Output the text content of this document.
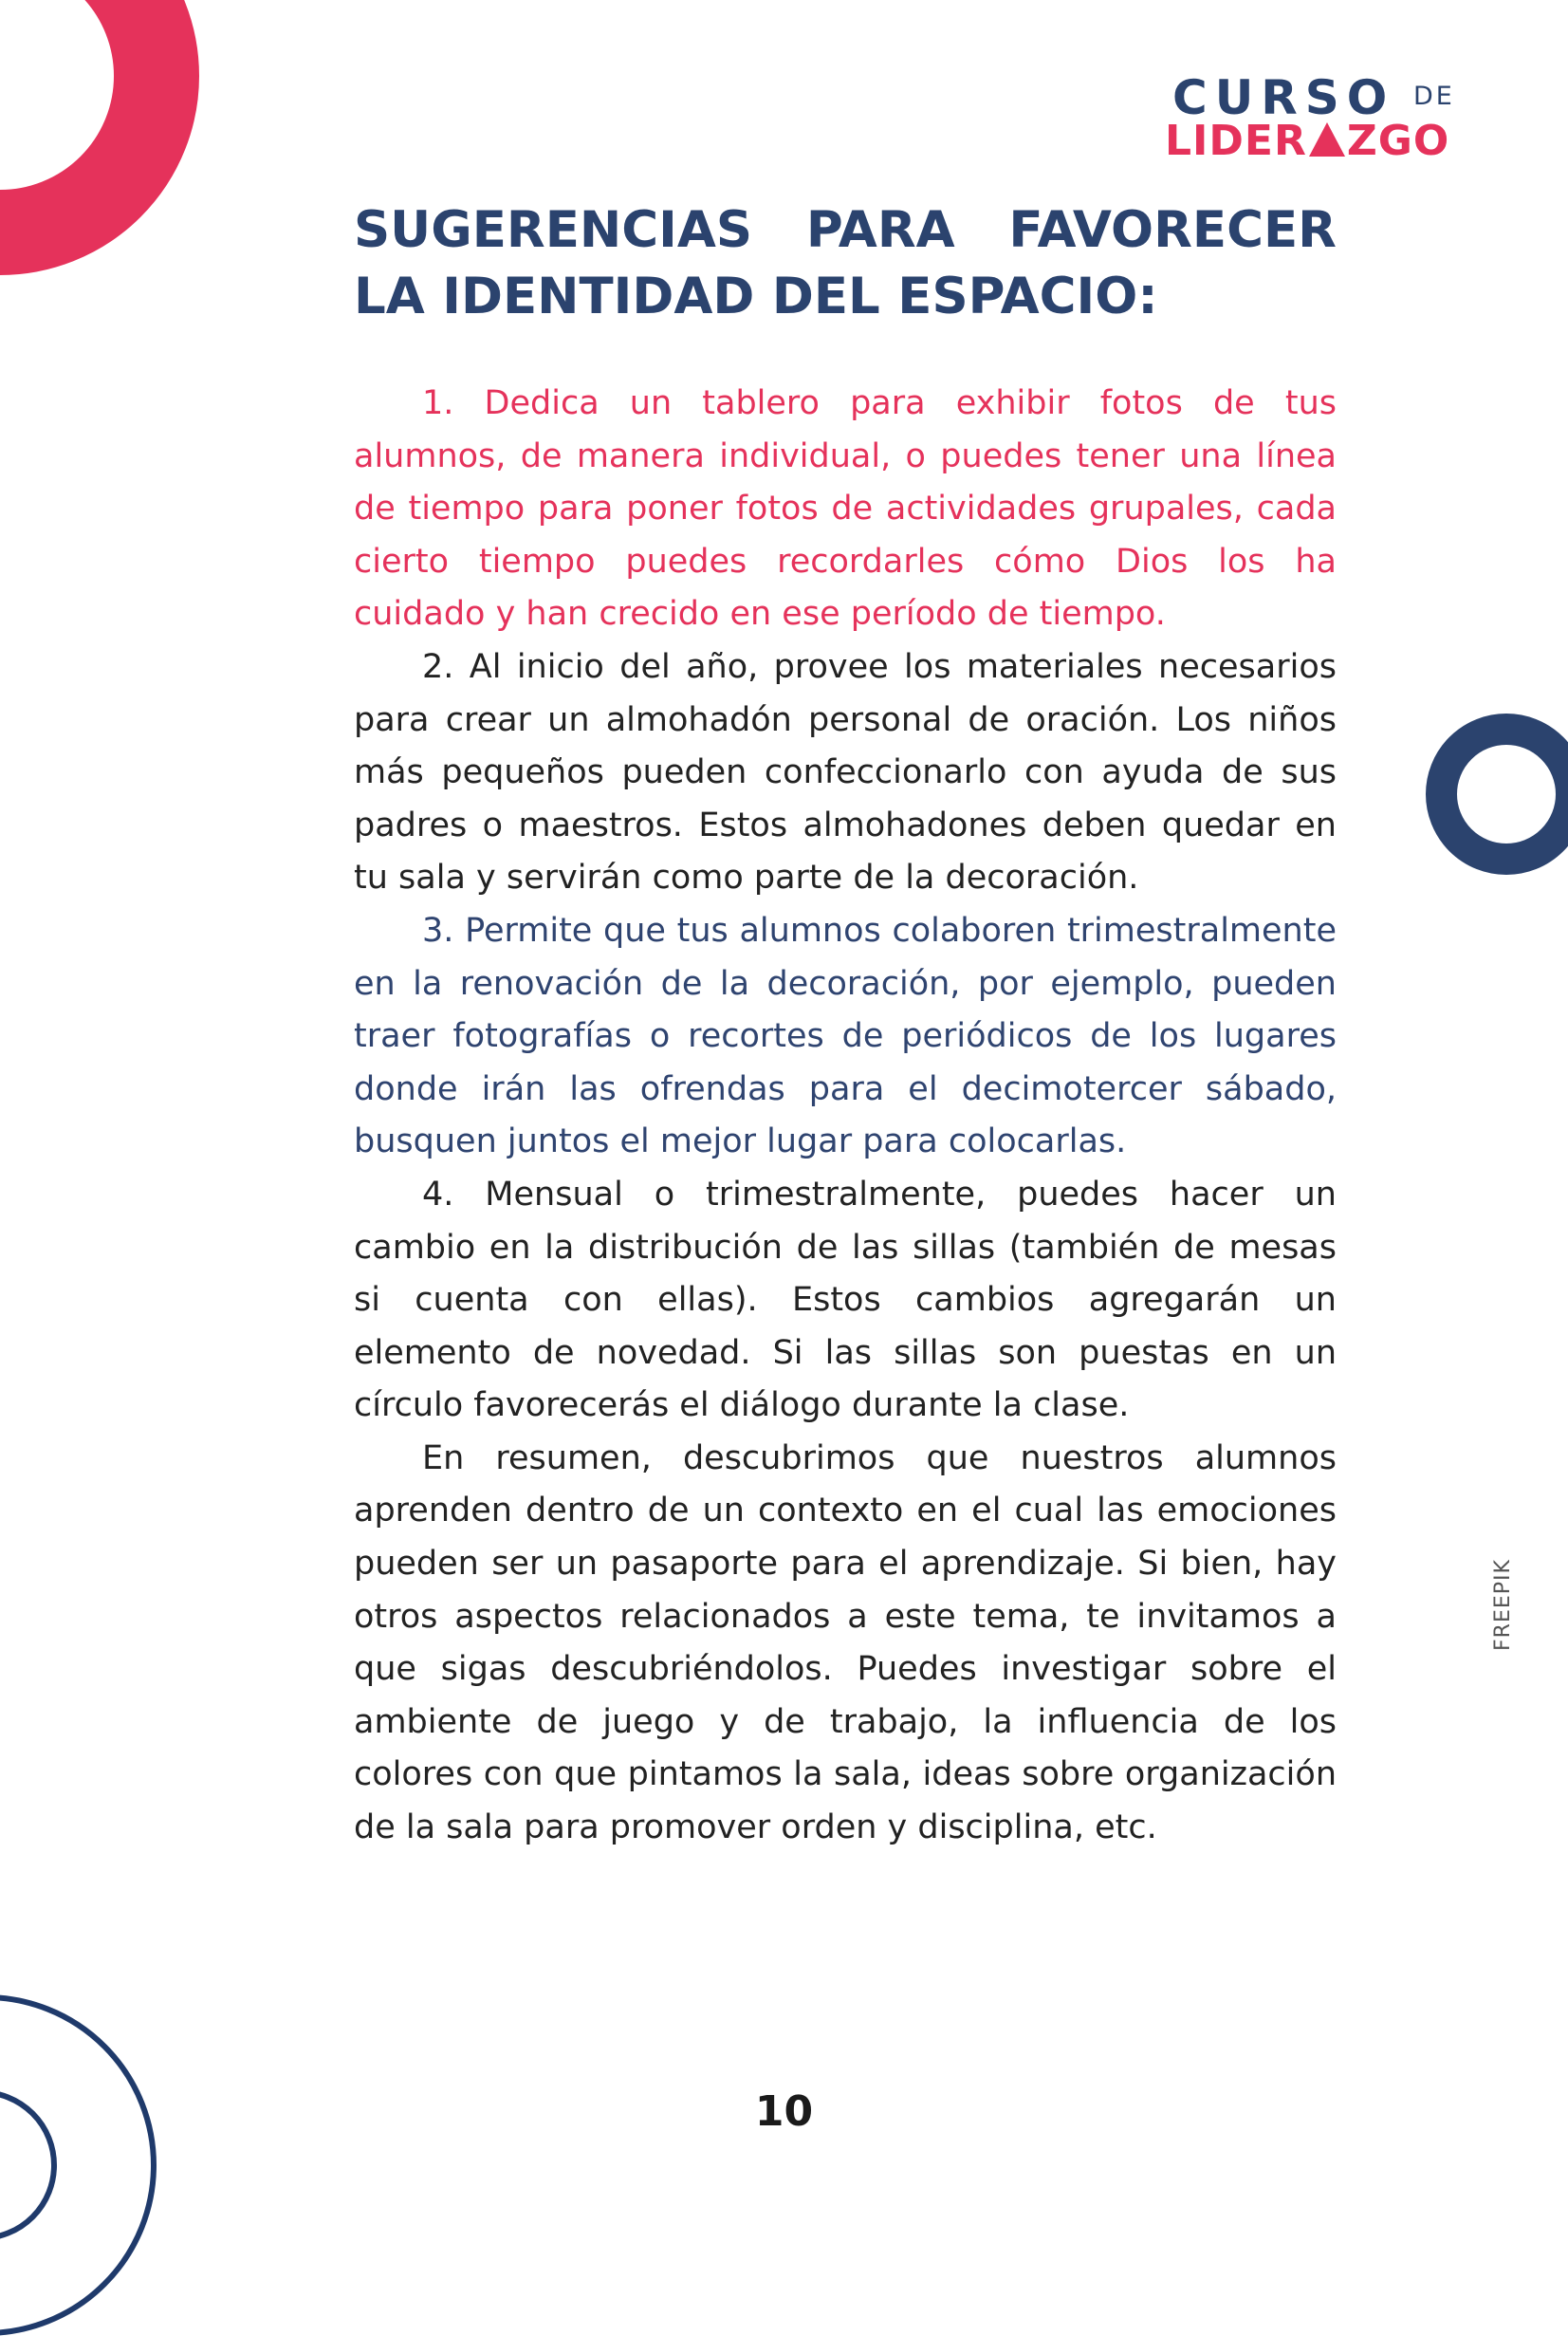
CURSO DE
LIDER ZGO
SUGERENCIAS PARA FAVORECER
LA IDENTIDAD DEL ESPACIO:

1. Dedica un tablero para exhibir fotos de tus alumnos, de manera individual, o puedes tener una línea de tiempo para poner fotos de actividades grupales, cada cierto tiempo puedes recordarles cómo Dios los ha cuidado y han crecido en ese período de tiempo.

2. Al inicio del año, provee los materiales necesarios para crear un almohadón personal de oración. Los niños más pequeños pueden confeccionarlo con ayuda de sus padres o maestros. Estos almohadones deben quedar en tu sala y servirán como parte de la decoración.

3. Permite que tus alumnos colaboren trimestralmente en la renovación de la decoración, por ejemplo, pueden traer fotografías o recortes de periódicos de los lugares donde irán las ofrendas para el decimotercer sábado, busquen juntos el mejor lugar para colocarlas.

4. Mensual o trimestralmente, puedes hacer un cambio en la distribución de las sillas (también de mesas si cuenta con ellas). Estos cambios agregarán un elemento de novedad. Si las sillas son puestas en un círculo favorecerás el diálogo durante la clase.

En resumen, descubrimos que nuestros alumnos aprenden dentro de un contexto en el cual las emociones pueden ser un pasaporte para el aprendizaje. Si bien, hay otros aspectos relacionados a este tema, te invitamos a que sigas descubriéndolos. Puedes investigar sobre el ambiente de juego y de trabajo, la influencia de los colores con que pintamos la sala, ideas sobre organización de la sala para promover orden y disciplina, etc.

FREEPIK
10
